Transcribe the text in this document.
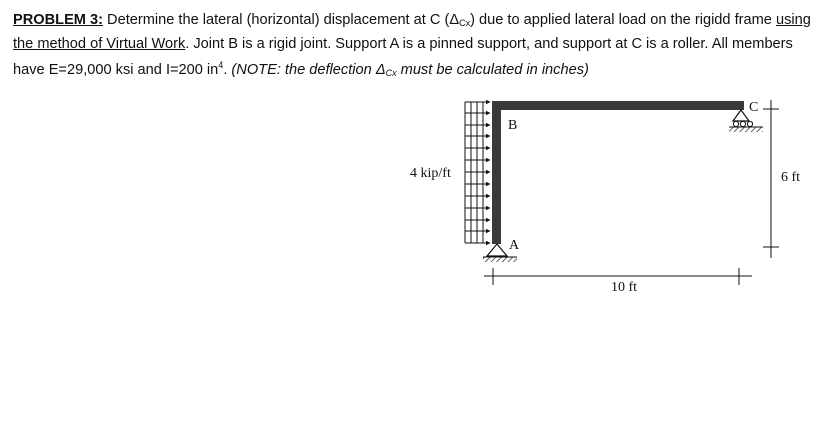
PROBLEM 3: Determine the lateral (horizontal) displacement at C $(\Delta_{Cx})$ due to applied lateral load on the rigidd frame using the method of Virtual Work. Joint B is a rigid joint. Support A is a pinned support, and support at C is a roller. All members have E=29,000 ksi and I=200 $in^4$. (NOTE: the deflection $\Delta_{Cx}$ must be calculated in inches)
4 kip/ft
B
A
C
6 ft
10 ft
